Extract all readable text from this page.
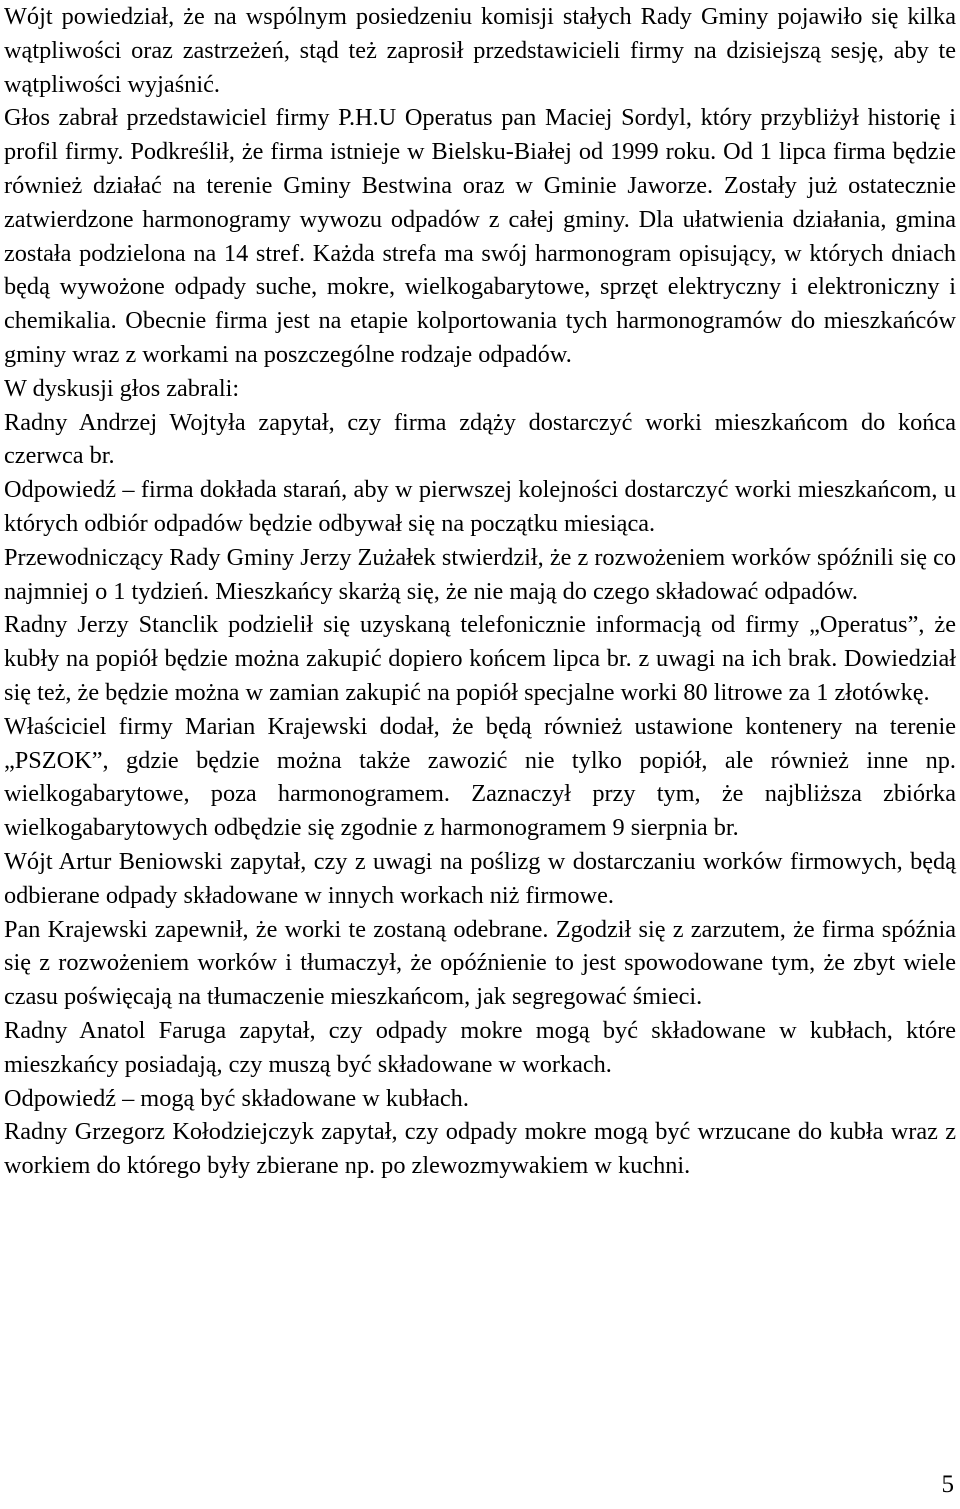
Wójt powiedział, że na wspólnym posiedzeniu komisji stałych Rady Gminy pojawiło się kilka wątpliwości oraz zastrzeżeń, stąd też zaprosił przedstawicieli firmy na dzisiejszą sesję, aby te wątpliwości wyjaśnić.

Głos zabrał przedstawiciel firmy P.H.U Operatus pan Maciej Sordyl, który przybliżył historię i profil firmy. Podkreślił, że firma istnieje w Bielsku-Białej od 1999 roku. Od 1 lipca firma będzie również działać na terenie Gminy Bestwina oraz w Gminie Jaworze. Zostały już ostatecznie zatwierdzone harmonogramy wywozu odpadów z całej gminy. Dla ułatwienia działania, gmina została podzielona na 14 stref. Każda strefa ma swój harmonogram opisujący, w których dniach będą wywożone odpady suche, mokre, wielkogabarytowe, sprzęt elektryczny i elektroniczny i chemikalia. Obecnie firma jest na etapie kolportowania tych harmonogramów do mieszkańców gminy wraz z workami na poszczególne rodzaje odpadów.

W dyskusji głos zabrali:

Radny Andrzej Wojtyła zapytał, czy firma zdąży dostarczyć worki mieszkańcom do końca czerwca br.

Odpowiedź – firma dokłada starań, aby w pierwszej kolejności dostarczyć worki mieszkańcom, u których odbiór odpadów będzie odbywał się na początku miesiąca.

Przewodniczący Rady Gminy Jerzy Zużałek stwierdził, że z rozwożeniem worków spóźnili się co najmniej o 1 tydzień. Mieszkańcy skarżą się, że nie mają do czego składować odpadów.

Radny Jerzy Stanclik podzielił się uzyskaną telefonicznie informacją od firmy „Operatus”, że kubły na popiół będzie można zakupić dopiero końcem lipca br. z uwagi na ich brak. Dowiedział się też, że będzie można w zamian zakupić na popiół specjalne worki 80 litrowe za 1 złotówkę.

Właściciel firmy Marian Krajewski dodał, że będą również ustawione kontenery na terenie „PSZOK”, gdzie będzie można także zawozić nie tylko popiół, ale również inne np. wielkogabarytowe, poza harmonogramem. Zaznaczył przy tym, że najbliższa zbiórka wielkogabarytowych odbędzie się zgodnie z harmonogramem 9 sierpnia br.

Wójt Artur Beniowski zapytał, czy z uwagi na poślizg w dostarczaniu worków firmowych, będą odbierane odpady składowane w innych workach niż firmowe.

Pan Krajewski zapewnił, że worki te zostaną odebrane. Zgodził się z zarzutem, że firma spóźnia się z rozwożeniem worków i tłumaczył, że opóźnienie to jest spowodowane tym, że zbyt wiele czasu poświęcają na tłumaczenie mieszkańcom, jak segregować śmieci.

Radny Anatol Faruga zapytał, czy odpady mokre mogą być składowane w kubłach, które mieszkańcy posiadają, czy muszą być składowane w workach.

Odpowiedź – mogą być składowane w kubłach.

Radny Grzegorz Kołodziejczyk zapytał, czy odpady mokre mogą być wrzucane do kubła wraz z workiem do którego były zbierane np. po zlewozmywakiem w kuchni.

5
